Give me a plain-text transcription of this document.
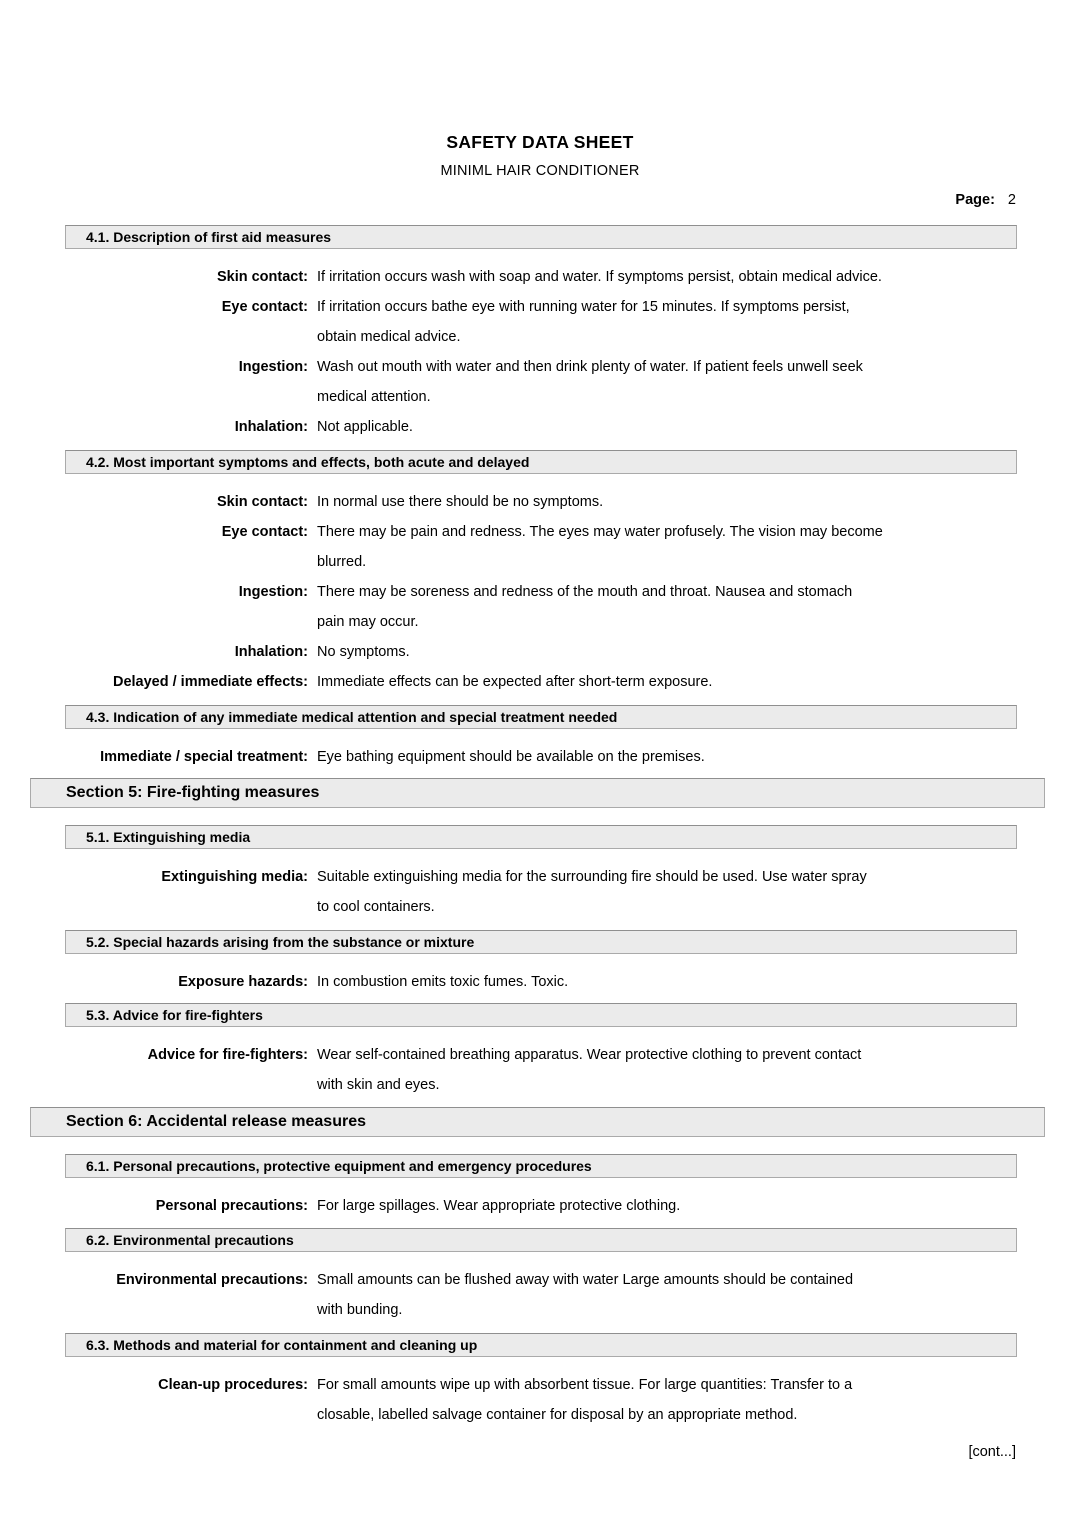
SAFETY DATA SHEET
MINIML HAIR CONDITIONER
Page: 2
4.1. Description of first aid measures
Skin contact: If irritation occurs wash with soap and water. If symptoms persist, obtain medical advice.
Eye contact: If irritation occurs bathe eye with running water for 15 minutes. If symptoms persist,
obtain medical advice.
Ingestion: Wash out mouth with water and then drink plenty of water. If patient feels unwell seek
medical attention.
Inhalation: Not applicable.
4.2. Most important symptoms and effects, both acute and delayed
Skin contact: In normal use there should be no symptoms.
Eye contact: There may be pain and redness. The eyes may water profusely. The vision may become
blurred.
Ingestion: There may be soreness and redness of the mouth and throat. Nausea and stomach
pain may occur.
Inhalation: No symptoms.
Delayed / immediate effects: Immediate effects can be expected after short-term exposure.
4.3. Indication of any immediate medical attention and special treatment needed
Immediate / special treatment: Eye bathing equipment should be available on the premises.
Section 5: Fire-fighting measures
5.1. Extinguishing media
Extinguishing media: Suitable extinguishing media for the surrounding fire should be used. Use water spray
to cool containers.
5.2. Special hazards arising from the substance or mixture
Exposure hazards: In combustion emits toxic fumes. Toxic.
5.3. Advice for fire-fighters
Advice for fire-fighters: Wear self-contained breathing apparatus. Wear protective clothing to prevent contact
with skin and eyes.
Section 6: Accidental release measures
6.1. Personal precautions, protective equipment and emergency procedures
Personal precautions: For large spillages. Wear appropriate protective clothing.
6.2. Environmental precautions
Environmental precautions: Small amounts can be flushed away with water Large amounts should be contained
with bunding.
6.3. Methods and material for containment and cleaning up
Clean-up procedures: For small amounts wipe up with absorbent tissue. For large quantities: Transfer to a
closable, labelled salvage container for disposal by an appropriate method.
[cont...]
